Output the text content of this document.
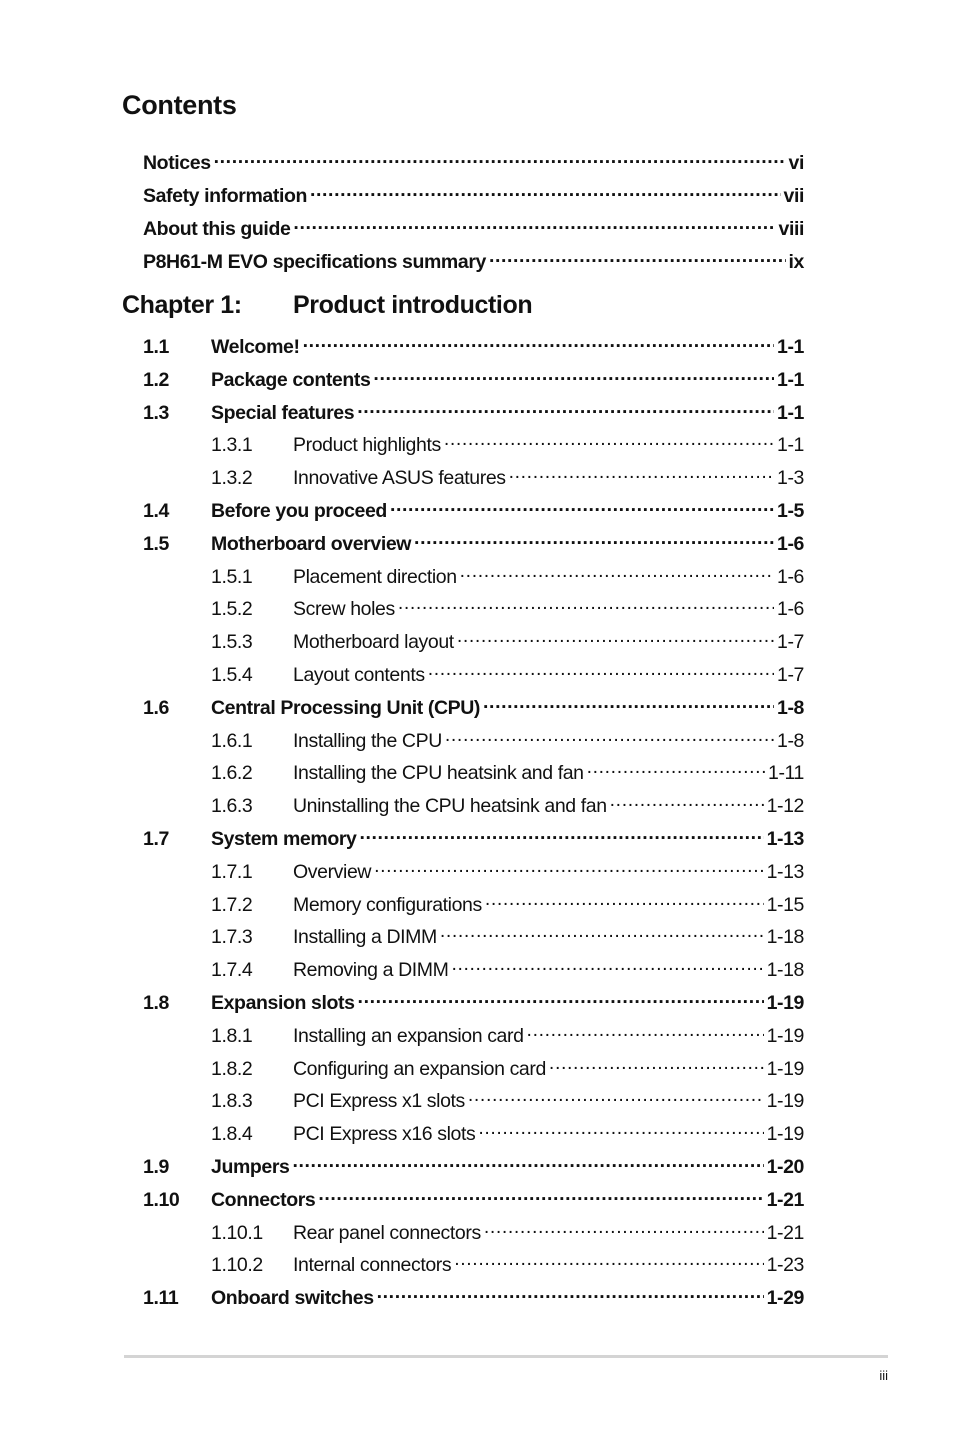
Contents
Notices .....	vi
Safety information .....	vii
About this guide .....	viii
P8H61-M EVO specifications summary .....	ix
Chapter 1: Product introduction
1.1	Welcome! .....	1-1
1.2	Package contents .....	1-1
1.3	Special features .....	1-1
1.3.1	Product highlights .....	1-1
1.3.2	Innovative ASUS features .....	1-3
1.4	Before you proceed .....	1-5
1.5	Motherboard overview .....	1-6
1.5.1	Placement direction .....	1-6
1.5.2	Screw holes .....	1-6
1.5.3	Motherboard layout .....	1-7
1.5.4	Layout contents .....	1-7
1.6	Central Processing Unit (CPU) .....	1-8
1.6.1	Installing the CPU .....	1-8
1.6.2	Installing the CPU heatsink and fan .....	1-11
1.6.3	Uninstalling the CPU heatsink and fan .....	1-12
1.7	System memory .....	1-13
1.7.1	Overview .....	1-13
1.7.2	Memory configurations .....	1-15
1.7.3	Installing a DIMM .....	1-18
1.7.4	Removing a DIMM .....	1-18
1.8	Expansion slots .....	1-19
1.8.1	Installing an expansion card .....	1-19
1.8.2	Configuring an expansion card .....	1-19
1.8.3	PCI Express x1 slots .....	1-19
1.8.4	PCI Express x16 slots .....	1-19
1.9	Jumpers .....	1-20
1.10	Connectors .....	1-21
1.10.1	Rear panel connectors .....	1-21
1.10.2	Internal connectors .....	1-23
1.11	Onboard switches .....	1-29
iii
